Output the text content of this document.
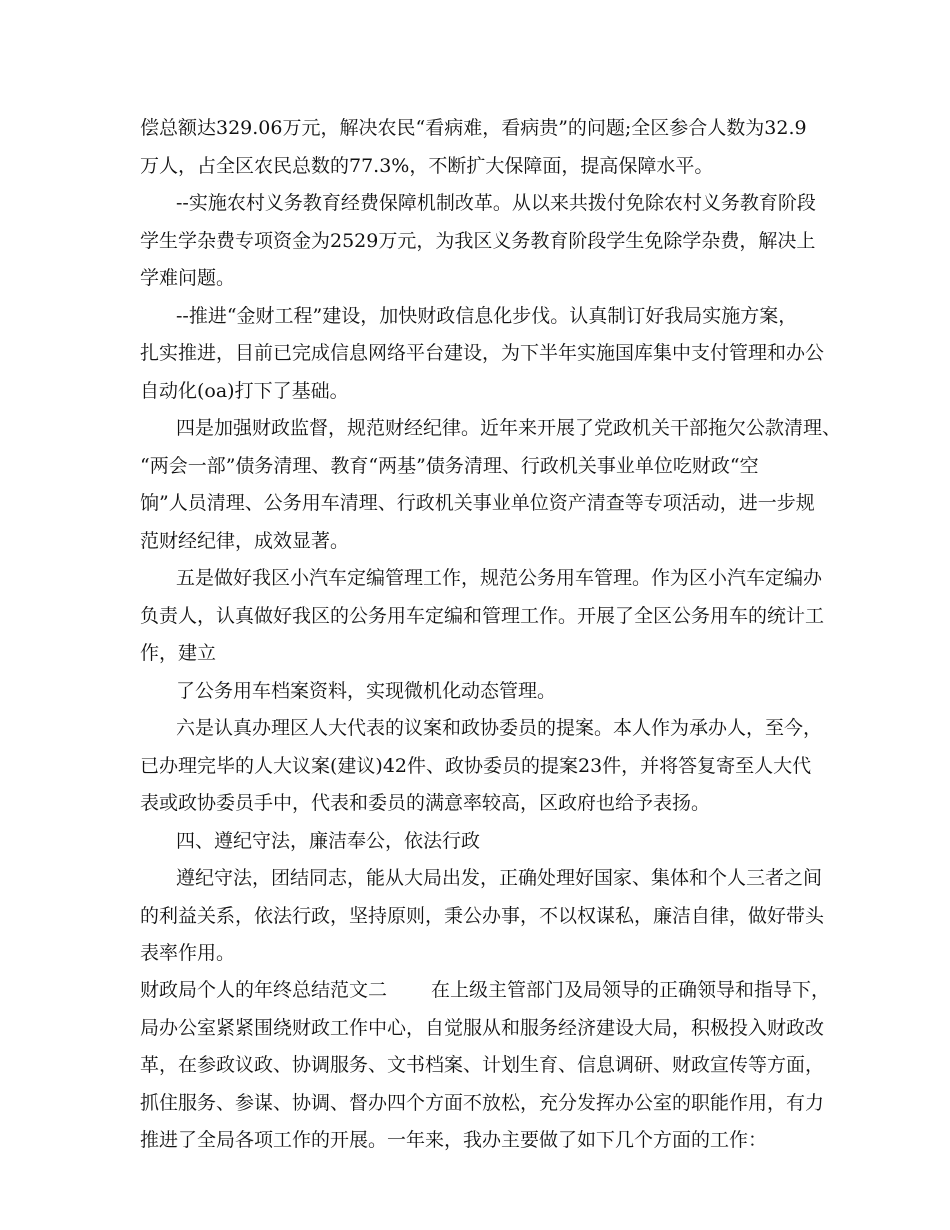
偿总额达329.06万元，解决农民“看病难，看病贵”的问题;全区参合人数为32.9

万人，占全区农民总数的77.3%，不断扩大保障面，提高保障水平。

--实施农村义务教育经费保障机制改革。从以来共拨付免除农村义务教育阶段

学生学杂费专项资金为2529万元，为我区义务教育阶段学生免除学杂费，解决上

学难问题。

--推进“金财工程”建设，加快财政信息化步伐。认真制订好我局实施方案，

扎实推进，目前已完成信息网络平台建设，为下半年实施国库集中支付管理和办公

自动化(oa)打下了基础。

四是加强财政监督，规范财经纪律。近年来开展了党政机关干部拖欠公款清理、

“两会一部”债务清理、教育“两基”债务清理、行政机关事业单位吃财政“空

饷”人员清理、公务用车清理、行政机关事业单位资产清查等专项活动，进一步规

范财经纪律，成效显著。

五是做好我区小汽车定编管理工作，规范公务用车管理。作为区小汽车定编办

负责人，认真做好我区的公务用车定编和管理工作。开展了全区公务用车的统计工

作，建立

了公务用车档案资料，实现微机化动态管理。

六是认真办理区人大代表的议案和政协委员的提案。本人作为承办人，至今，

已办理完毕的人大议案(建议)42件、政协委员的提案23件，并将答复寄至人大代

表或政协委员手中，代表和委员的满意率较高，区政府也给予表扬。

四、遵纪守法，廉洁奉公，依法行政

遵纪守法，团结同志，能从大局出发，正确处理好国家、集体和个人三者之间

的利益关系，依法行政，坚持原则，秉公办事，不以权谋私，廉洁自律，做好带头

表率作用。

财政局个人的年终总结范文二 在上级主管部门及局领导的正确领导和指导下，

局办公室紧紧围绕财政工作中心，自觉服从和服务经济建设大局，积极投入财政改

革，在参政议政、协调服务、文书档案、计划生育、信息调研、财政宣传等方面，

抓住服务、参谋、协调、督办四个方面不放松，充分发挥办公室的职能作用，有力

推进了全局各项工作的开展。一年来，我办主要做了如下几个方面的工作：
